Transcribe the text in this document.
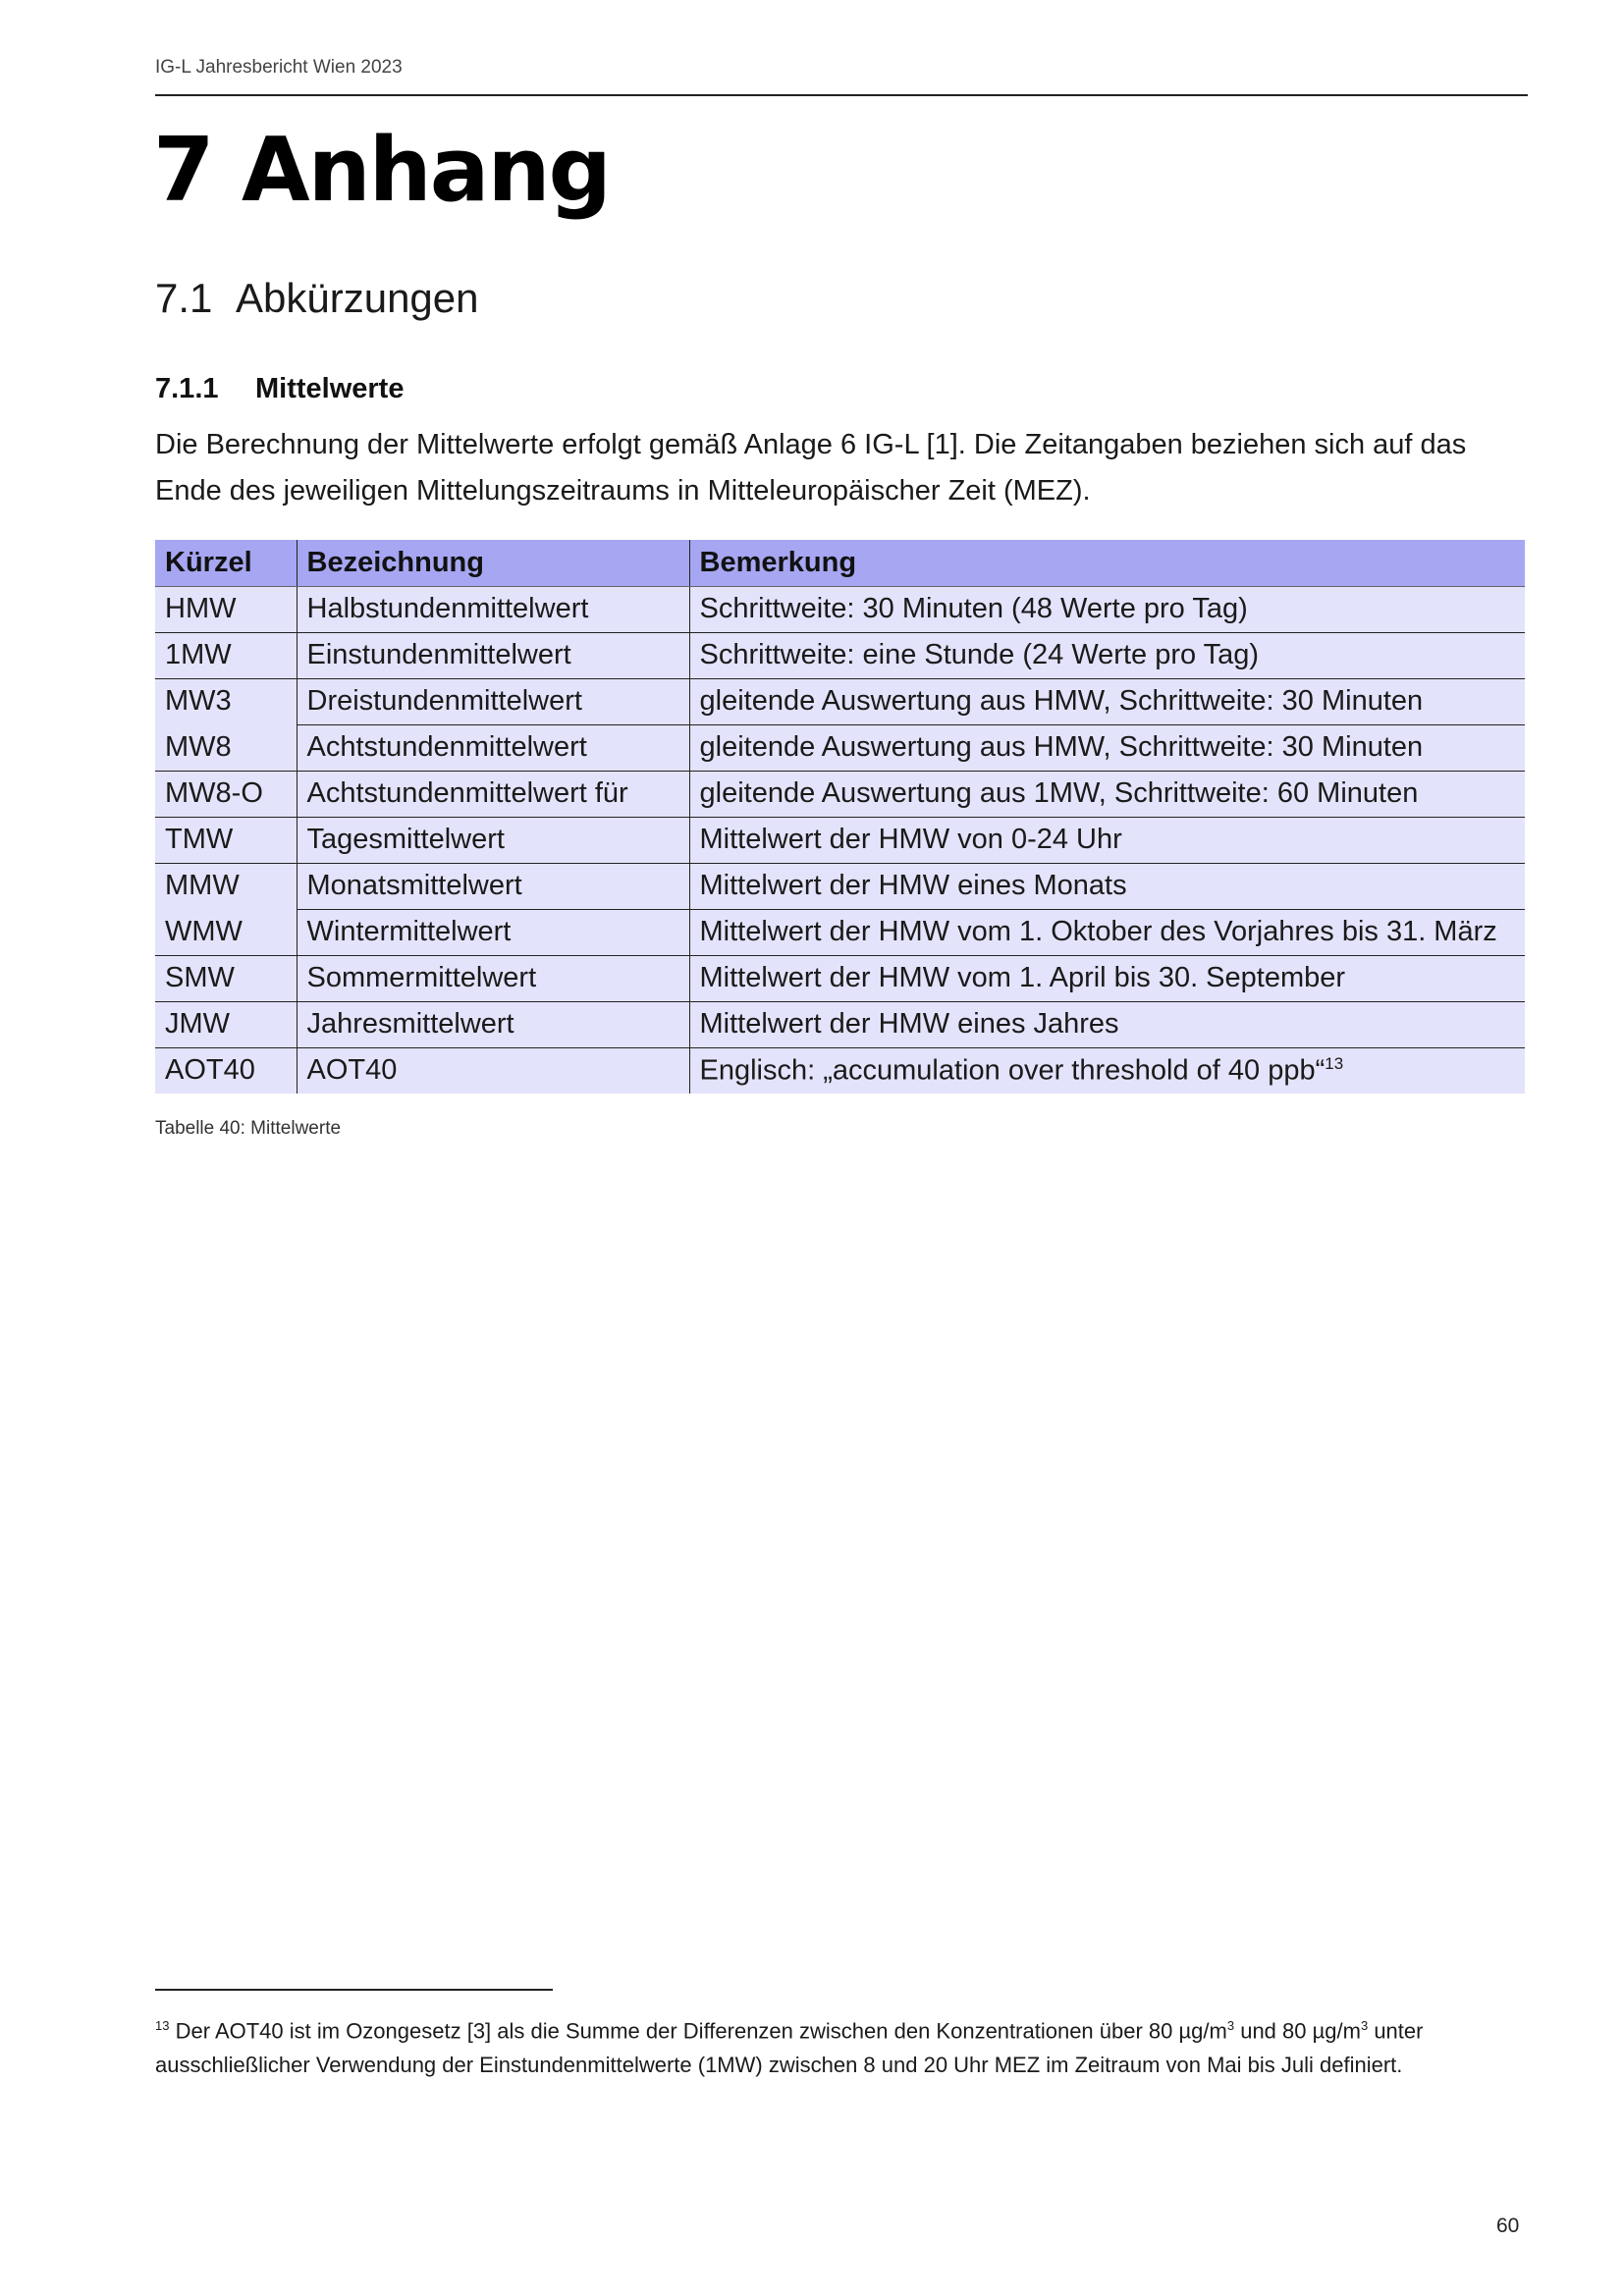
IG-L Jahresbericht Wien 2023
7 Anhang
7.1 Abkürzungen
7.1.1 Mittelwerte

Die Berechnung der Mittelwerte erfolgt gemäß Anlage 6 IG-L [1]. Die Zeitangaben beziehen sich auf das Ende des jeweiligen Mittelungszeitraums in Mitteleuropäischer Zeit (MEZ).

Kürzel	Bezeichnung	Bemerkung
HMW	Halbstundenmittelwert	Schrittweite: 30 Minuten (48 Werte pro Tag)
1MW	Einstundenmittelwert	Schrittweite: eine Stunde (24 Werte pro Tag)
MW3	Dreistundenmittelwert	gleitende Auswertung aus HMW, Schrittweite: 30 Minuten
MW8	Achtstundenmittelwert	gleitende Auswertung aus HMW, Schrittweite: 30 Minuten
MW8-O	Achtstundenmittelwert für	gleitende Auswertung aus 1MW, Schrittweite: 60 Minuten
TMW	Tagesmittelwert	Mittelwert der HMW von 0-24 Uhr
MMW	Monatsmittelwert	Mittelwert der HMW eines Monats
WMW	Wintermittelwert	Mittelwert der HMW vom 1. Oktober des Vorjahres bis 31. März
SMW	Sommermittelwert	Mittelwert der HMW vom 1. April bis 30. September
JMW	Jahresmittelwert	Mittelwert der HMW eines Jahres
AOT40	AOT40	Englisch: „accumulation over threshold of 40 ppb“$^{13}$
Tabelle 40: Mittelwerte

$^{13}$ Der AOT40 ist im Ozongesetz [3] als die Summe der Differenzen zwischen den Konzentrationen über 80 $\mu g/m^3$ und 80 $\mu g/m^3$ unter ausschließlicher Verwendung der Einstundenmittelwerte (1MW) zwischen 8 und 20 Uhr MEZ im Zeitraum von Mai bis Juli definiert.

60
